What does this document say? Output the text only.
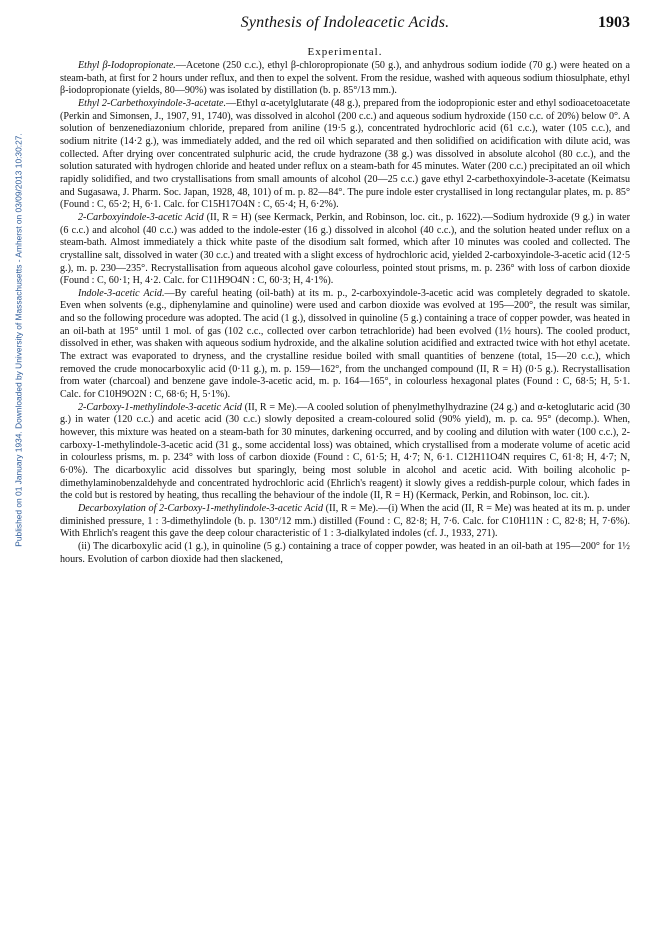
Published on 01 January 1934. Downloaded by University of Massachusetts - Amherst on 03/09/2013 10:30:27.
Synthesis of Indoleacetic Acids.	1903
Experimental.

Ethyl β-Iodopropionate.—Acetone (250 c.c.), ethyl β-chloropropionate (50 g.), and anhydrous sodium iodide (70 g.) were heated on a steam-bath, at first for 2 hours under reflux, and then to expel the solvent. From the residue, washed with aqueous sodium thiosulphate, ethyl β-iodopropionate (yields, 80—90%) was isolated by distillation (b. p. 85°/13 mm.).

Ethyl 2-Carbethoxyindole-3-acetate.—Ethyl α-acetylglutarate (48 g.), prepared from the iodopropionic ester and ethyl sodioacetoacetate (Perkin and Simonsen, J., 1907, 91, 1740), was dissolved in alcohol (200 c.c.) and aqueous sodium hydroxide (150 c.c. of 20%) below 0°. A solution of benzenediazonium chloride, prepared from aniline (19·5 g.), concentrated hydrochloric acid (61 c.c.), water (105 c.c.), and sodium nitrite (14·2 g.), was immediately added, and the red oil which separated and then solidified on acidification with dilute acid, was collected. After drying over concentrated sulphuric acid, the crude hydrazone (38 g.) was dissolved in absolute alcohol (80 c.c.), and the solution saturated with hydrogen chloride and heated under reflux on a steam-bath for 45 minutes. Water (200 c.c.) precipitated an oil which rapidly solidified, and two crystallisations from small amounts of alcohol (20—25 c.c.) gave ethyl 2-carbethoxyindole-3-acetate (Keimatsu and Sugasawa, J. Pharm. Soc. Japan, 1928, 48, 101) of m. p. 82—84°. The pure indole ester crystallised in long rectangular plates, m. p. 85° (Found : C, 65·2; H, 6·1. Calc. for C15H17O4N : C, 65·4; H, 6·2%).

2-Carboxyindole-3-acetic Acid (II, R = H) (see Kermack, Perkin, and Robinson, loc. cit., p. 1622).—Sodium hydroxide (9 g.) in water (6 c.c.) and alcohol (40 c.c.) was added to the indole-ester (16 g.) dissolved in alcohol (40 c.c.), and the solution heated under reflux on a steam-bath. Almost immediately a thick white paste of the disodium salt formed, which after 10 minutes was cooled and collected. The crystalline salt, dissolved in water (30 c.c.) and treated with a slight excess of hydrochloric acid, yielded 2-carboxyindole-3-acetic acid (12·5 g.), m. p. 230—235°. Recrystallisation from aqueous alcohol gave colourless, pointed stout prisms, m. p. 236° with loss of carbon dioxide (Found : C, 60·1; H, 4·2. Calc. for C11H9O4N : C, 60·3; H, 4·1%).

Indole-3-acetic Acid.—By careful heating (oil-bath) at its m. p., 2-carboxyindole-3-acetic acid was completely degraded to skatole. Even when solvents (e.g., diphenylamine and quinoline) were used and carbon dioxide was evolved at 195—200°, the result was similar, and so the following procedure was adopted. The acid (1 g.), dissolved in quinoline (5 g.) containing a trace of copper powder, was heated in an oil-bath at 195° until 1 mol. of gas (102 c.c., collected over carbon tetrachloride) had been evolved (1½ hours). The cooled product, dissolved in ether, was shaken with aqueous sodium hydroxide, and the alkaline solution acidified and extracted twice with hot ethyl acetate. The extract was evaporated to dryness, and the crystalline residue boiled with small quantities of benzene (total, 15—20 c.c.), which removed the crude monocarboxylic acid (0·11 g.), m. p. 159—162°, from the unchanged compound (II, R = H) (0·5 g.). Recrystallisation from water (charcoal) and benzene gave indole-3-acetic acid, m. p. 164—165°, in colourless hexagonal plates (Found : C, 68·5; H, 5·1. Calc. for C10H9O2N : C, 68·6; H, 5·1%).

2-Carboxy-1-methylindole-3-acetic Acid (II, R = Me).—A cooled solution of phenylmethylhydrazine (24 g.) and α-ketoglutaric acid (30 g.) in water (120 c.c.) and acetic acid (30 c.c.) slowly deposited a cream-coloured solid (90% yield), m. p. ca. 95° (decomp.). When, however, this mixture was heated on a steam-bath for 30 minutes, darkening occurred, and by cooling and dilution with water (100 c.c.), 2-carboxy-1-methylindole-3-acetic acid (31 g., some accidental loss) was obtained, which crystallised from a moderate volume of acetic acid in colourless prisms, m. p. 234° with loss of carbon dioxide (Found : C, 61·5; H, 4·7; N, 6·1. C12H11O4N requires C, 61·8; H, 4·7; N, 6·0%). The dicarboxylic acid dissolves but sparingly, being most soluble in alcohol and acetic acid. With boiling alcoholic p-dimethylaminobenzaldehyde and concentrated hydrochloric acid (Ehrlich's reagent) it slowly gives a reddish-purple colour, which fades in the cold but is restored by heating, thus recalling the behaviour of the indole (II, R = H) (Kermack, Perkin, and Robinson, loc. cit.).

Decarboxylation of 2-Carboxy-1-methylindole-3-acetic Acid (II, R = Me).—(i) When the acid (II, R = Me) was heated at its m. p. under diminished pressure, 1 : 3-dimethylindole (b. p. 130°/12 mm.) distilled (Found : C, 82·8; H, 7·6. Calc. for C10H11N : C, 82·8; H, 7·6%). With Ehrlich's reagent this gave the deep colour characteristic of 1 : 3-dialkylated indoles (cf. J., 1933, 271).

(ii) The dicarboxylic acid (1 g.), in quinoline (5 g.) containing a trace of copper powder, was heated in an oil-bath at 195—200° for 1½ hours. Evolution of carbon dioxide had then slackened,
